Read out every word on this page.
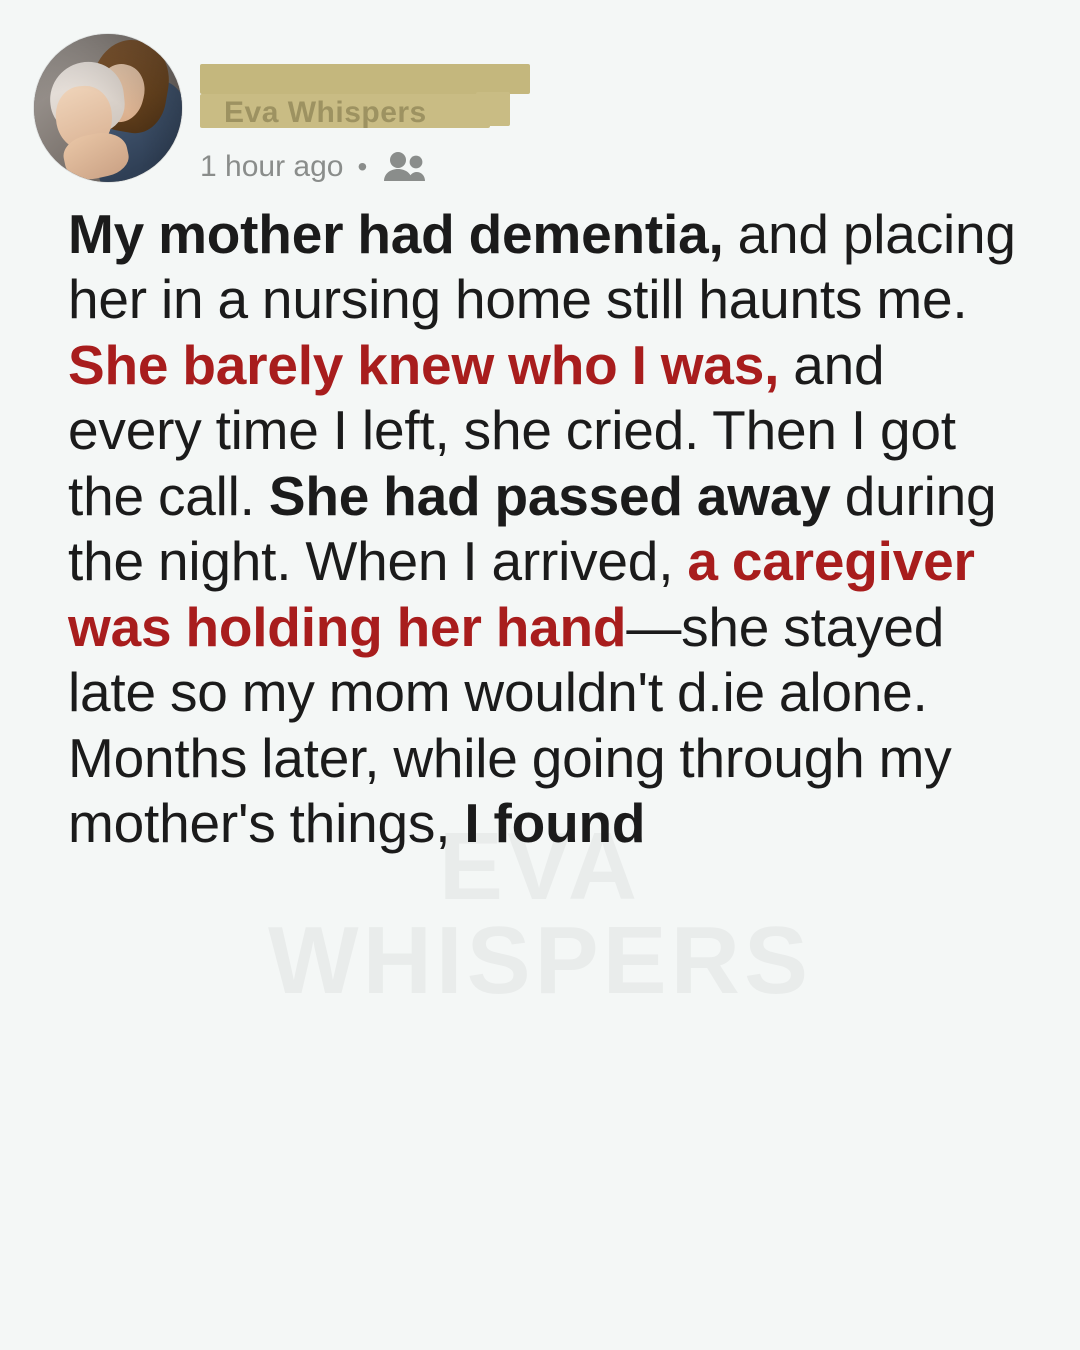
Eva Whispers
1 hour ago •
My mother had dementia, and placing her in a nursing home still haunts me. She barely knew who I was, and every time I left, she cried. Then I got the call. She had passed away during the night. When I arrived, a caregiver was holding her hand—she stayed late so my mom wouldn't d.ie alone. Months later, while going through my mother's things, I found
